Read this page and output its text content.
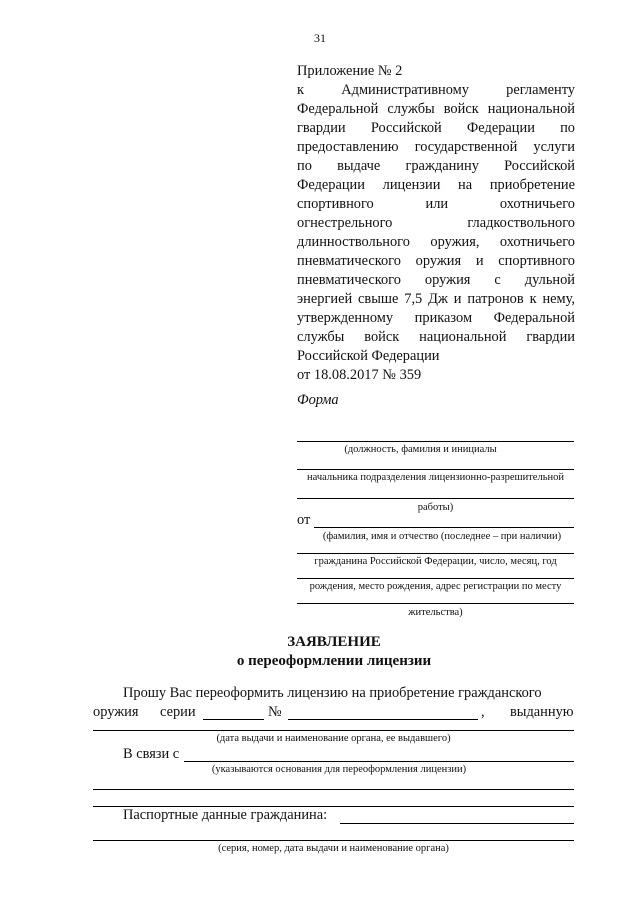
31

Приложение № 2

к Административному регламенту

Федеральной службы войск национальной

гвардии Российской Федерации по

предоставлению государственной услуги

по выдаче гражданину Российской

Федерации лицензии на приобретение

спортивного или охотничьего

огнестрельного гладкоствольного

длинноствольного оружия, охотничьего

пневматического оружия и спортивного

пневматического оружия с дульной

энергией свыше 7,5 Дж и патронов к нему,

утвержденному приказом Федеральной

службы войск национальной гвардии

Российской Федерации

от 18.08.2017 № 359

Форма
(должность, фамилия и инициалы
начальника подразделения лицензионно-разрешительной
работы)
от
(фамилия, имя и отчество (последнее – при наличии)
гражданина Российской Федерации, число, месяц, год
рождения, место рождения, адрес регистрации по месту
жительства)
ЗАЯВЛЕНИЕ
о переоформлении лицензии
Прошу Вас переоформить лицензию на приобретение гражданского
оружия серии	№	, выданную
(дата выдачи и наименование органа, ее выдавшего)
В связи с
(указываются основания для переоформления лицензии)
Паспортные данные гражданина:
(серия, номер, дата выдачи и наименование органа)
